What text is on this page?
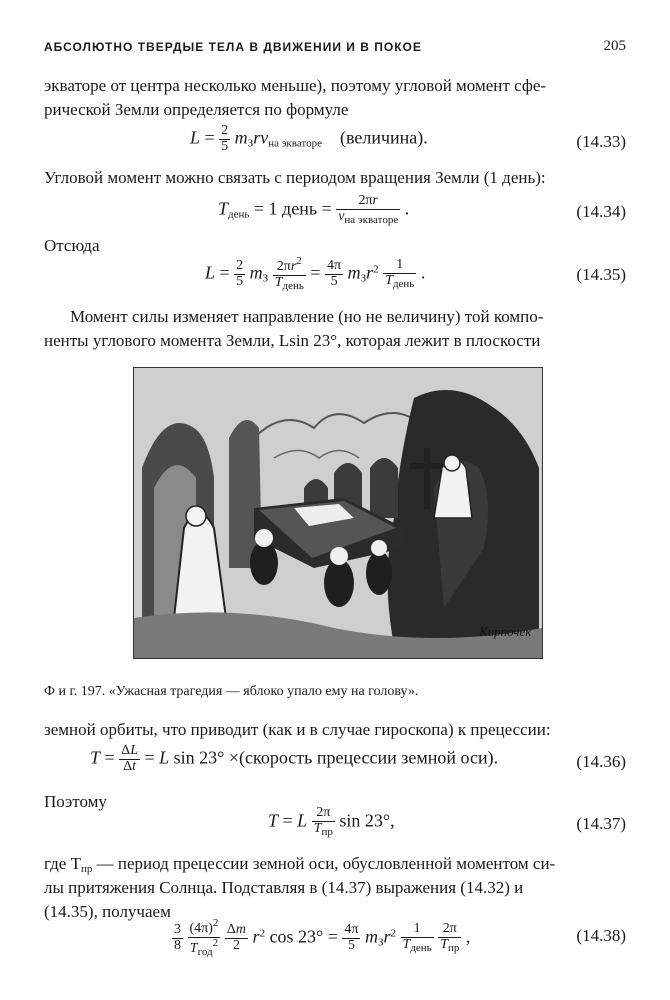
АБСОЛЮТНО ТВЕРДЫЕ ТЕЛА В ДВИЖЕНИИ И В ПОКОЕ	205
экваторе от центра несколько меньше), поэтому угловой момент сфе-
рической Земли определяется по формуле
$L = \frac{2}{5} m_Зrv_{на экваторе}$ (величина).	(14.33)
Угловой момент можно связать с периодом вращения Земли (1 день):
$T_{день} = 1$ день = $\frac{2\pi r}{v_{на экваторе}}$ .	(14.34)
Отсюда
$L = \frac{2}{5} m_З \frac{2\pi r^2}{T_{день}} = \frac{4\pi}{5} m_Зr^2 \frac{1}{T_{день}}$ .	(14.35)
Момент силы изменяет направление (но не величину) той компо-
ненты углового момента Земли, Lsin 23°, которая лежит в плоскости
Кирпочек
Ф и г. 197. «Ужасная трагедия — яблоко упало ему на голову».
земной орбиты, что приводит (как и в случае гироскопа) к прецессии:
$T = \frac{\Delta L}{\Delta t} = L$ sin 23° ×(скорость прецессии земной оси).	(14.36)
Поэтому
T = L $\frac{2\pi}{T_{пр}}$ sin 23°,	(14.37)
где $T_{пр}$ — период прецессии земной оси, обусловленной моментом си-
лы притяжения Солнца. Подставляя в (14.37) выражения (14.32) и
(14.35), получаем
$\frac{3}{8}$
$\frac{(4\pi)^2}{T_{год}^2}$
$\frac{\Delta m}{2} r^2$ $\cos 23^\circ = \frac{4\pi}{5} m_Зr^2 \frac{1}{T_{день}}$
$\frac{2\pi}{T_{пр}}$ ,	(14.38)
